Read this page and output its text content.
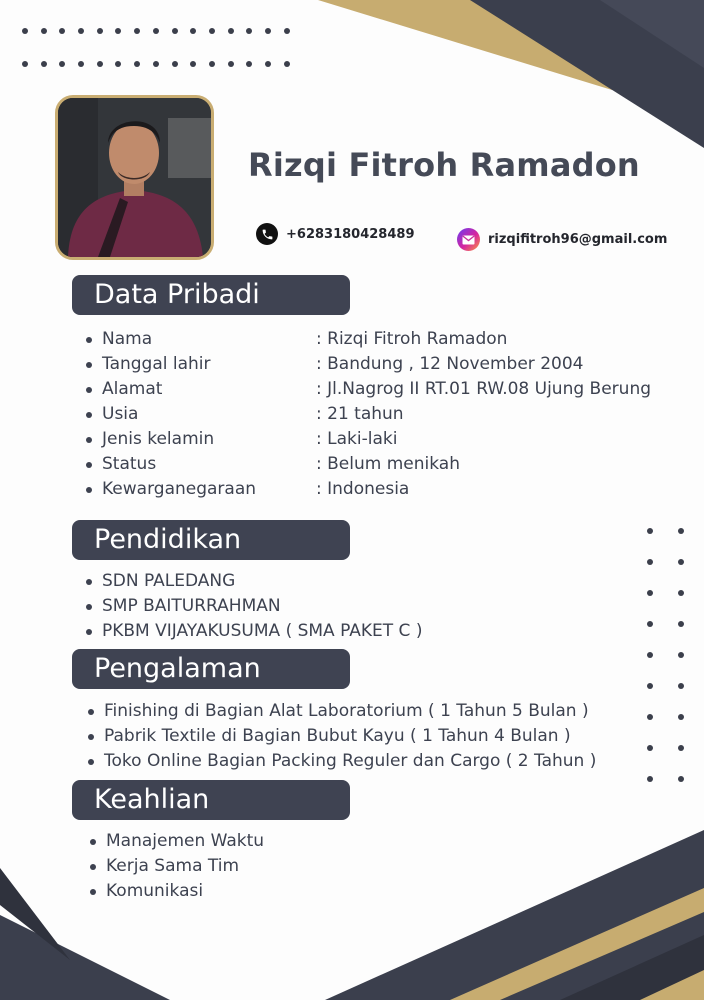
Rizqi Fitroh Ramadon
+6283180428489	rizqifitroh96@gmail.com
Data Pribadi
Nama	: Rizqi Fitroh Ramadon
Tanggal lahir	: Bandung , 12 November 2004
Alamat	: Jl.Nagrog II RT.01 RW.08 Ujung Berung
Usia	: 21 tahun
Jenis kelamin	: Laki-laki
Status	: Belum menikah
Kewarganegaraan	: Indonesia
Pendidikan
SDN PALEDANG
SMP BAITURRAHMAN
PKBM VIJAYAKUSUMA ( SMA PAKET C )
Pengalaman
Finishing di Bagian Alat Laboratorium ( 1 Tahun 5 Bulan )
Pabrik Textile di Bagian Bubut Kayu ( 1 Tahun 4 Bulan )
Toko Online Bagian Packing Reguler dan Cargo ( 2 Tahun )
Keahlian
Manajemen Waktu
Kerja Sama Tim
Komunikasi
